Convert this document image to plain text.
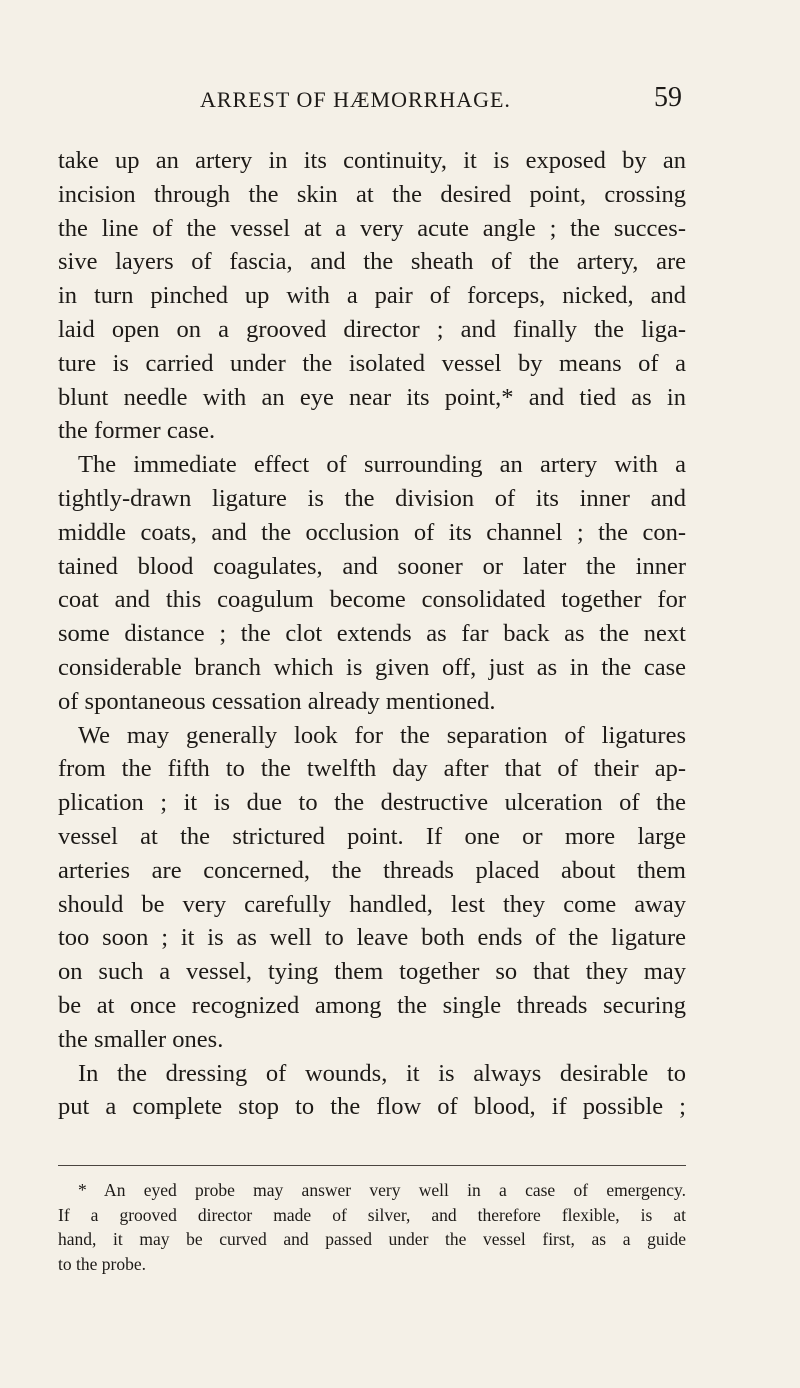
ARREST OF HÆMORRHAGE.	59
take up an artery in its continuity, it is exposed by an
incision through the skin at the desired point, crossing
the line of the vessel at a very acute angle ; the succes-
sive layers of fascia, and the sheath of the artery, are
in turn pinched up with a pair of forceps, nicked, and
laid open on a grooved director ; and finally the liga-
ture is carried under the isolated vessel by means of a
blunt needle with an eye near its point,* and tied as in
the former case.
The immediate effect of surrounding an artery with a
tightly-drawn ligature is the division of its inner and
middle coats, and the occlusion of its channel ; the con-
tained blood coagulates, and sooner or later the inner
coat and this coagulum become consolidated together for
some distance ; the clot extends as far back as the next
considerable branch which is given off, just as in the case
of spontaneous cessation already mentioned.
We may generally look for the separation of ligatures
from the fifth to the twelfth day after that of their ap-
plication ; it is due to the destructive ulceration of the
vessel at the strictured point. If one or more large
arteries are concerned, the threads placed about them
should be very carefully handled, lest they come away
too soon ; it is as well to leave both ends of the ligature
on such a vessel, tying them together so that they may
be at once recognized among the single threads securing
the smaller ones.
In the dressing of wounds, it is always desirable to
put a complete stop to the flow of blood, if possible ;
* An eyed probe may answer very well in a case of emergency.
If a grooved director made of silver, and therefore flexible, is at
hand, it may be curved and passed under the vessel first, as a guide
to the probe.
